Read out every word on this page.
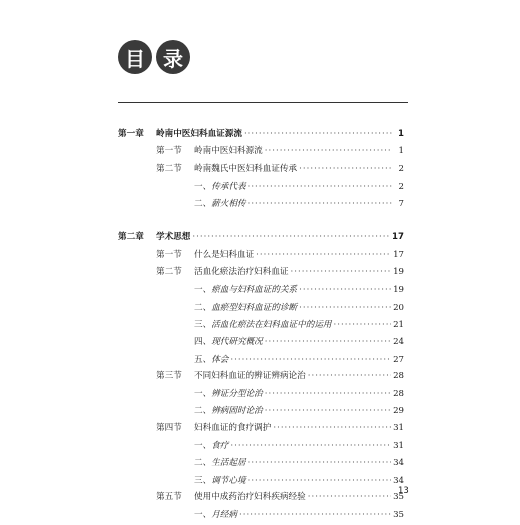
目 录
第一章	岭南中医妇科血证源流 ·····	1
第一节	岭南中医妇科源流 ·····	1
第二节	岭南魏氏中医妇科血证传承 ·····	2
一、 传承代表 ·····	2
二、 薪火相传 ·····	7
第二章	学术思想 ·····	17
第一节	什么是妇科血证 ·····	17
第二节	活血化瘀法治疗妇科血证 ·····	19
一、 瘀血与妇科血证的关系 ·····	19
二、 血瘀型妇科血证的诊断 ·····	20
三、 活血化瘀法在妇科血证中的运用 ·····	21
四、 现代研究概况 ·····	24
五、 体会 ·····	27
第三节	不同妇科血证的辨证辨病论治 ·····	28
一、 辨证分型论治 ·····	28
二、 辨病固时论治 ·····	29
第四节	妇科血证的食疗调护 ·····	31
一、 食疗 ·····	31
二、 生活起居 ·····	34
三、 调节心境 ·····	34
第五节	使用中成药治疗妇科疾病经验 ·····	35
一、 月经病 ·····	35
13
